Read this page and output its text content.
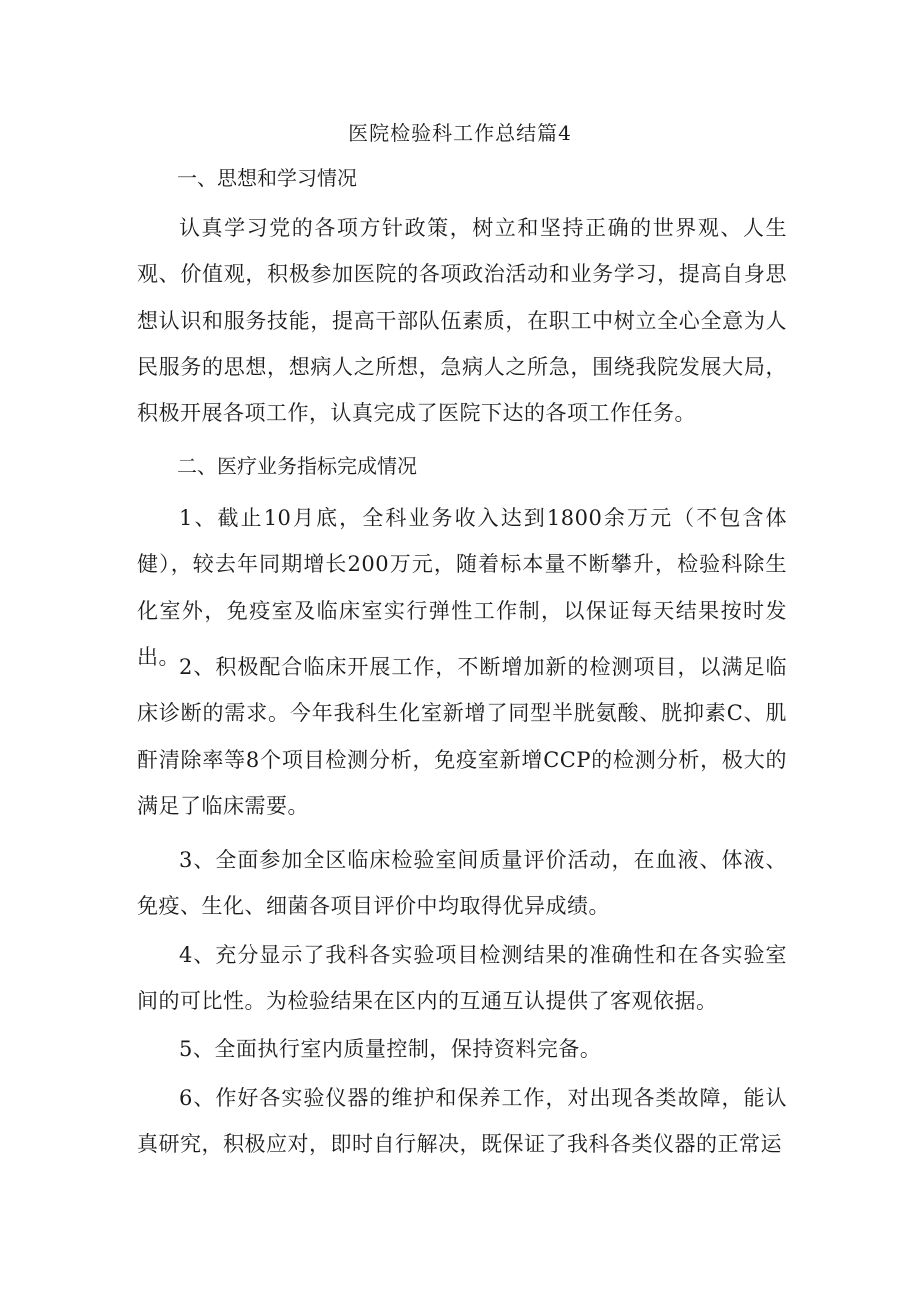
医院检验科工作总结篇4

一、思想和学习情况

认真学习党的各项方针政策，树立和坚持正确的世界观、人生观、价值观，积极参加医院的各项政治活动和业务学习，提高自身思想认识和服务技能，提高干部队伍素质，在职工中树立全心全意为人民服务的思想，想病人之所想，急病人之所急，围绕我院发展大局，积极开展各项工作，认真完成了医院下达的各项工作任务。

二、医疗业务指标完成情况

1、截止10月底，全科业务收入达到1800余万元（不包含体健），较去年同期增长200万元，随着标本量不断攀升，检验科除生化室外，免疫室及临床室实行弹性工作制，以保证每天结果按时发出。 2、积极配合临床开展工作，不断增加新的检测项目，以满足临床诊断的需求。今年我科生化室新增了同型半胱氨酸、胱抑素C、肌酐清除率等8个项目检测分析，免疫室新增CCP的检测分析，极大的满足了临床需要。

3、全面参加全区临床检验室间质量评价活动，在血液、体液、免疫、生化、细菌各项目评价中均取得优异成绩。

4、充分显示了我科各实验项目检测结果的准确性和在各实验室间的可比性。为检验结果在区内的互通互认提供了客观依据。

5、全面执行室内质量控制，保持资料完备。

6、作好各实验仪器的维护和保养工作，对出现各类故障，能认真研究，积极应对，即时自行解决，既保证了我科各类仪器的正常运
